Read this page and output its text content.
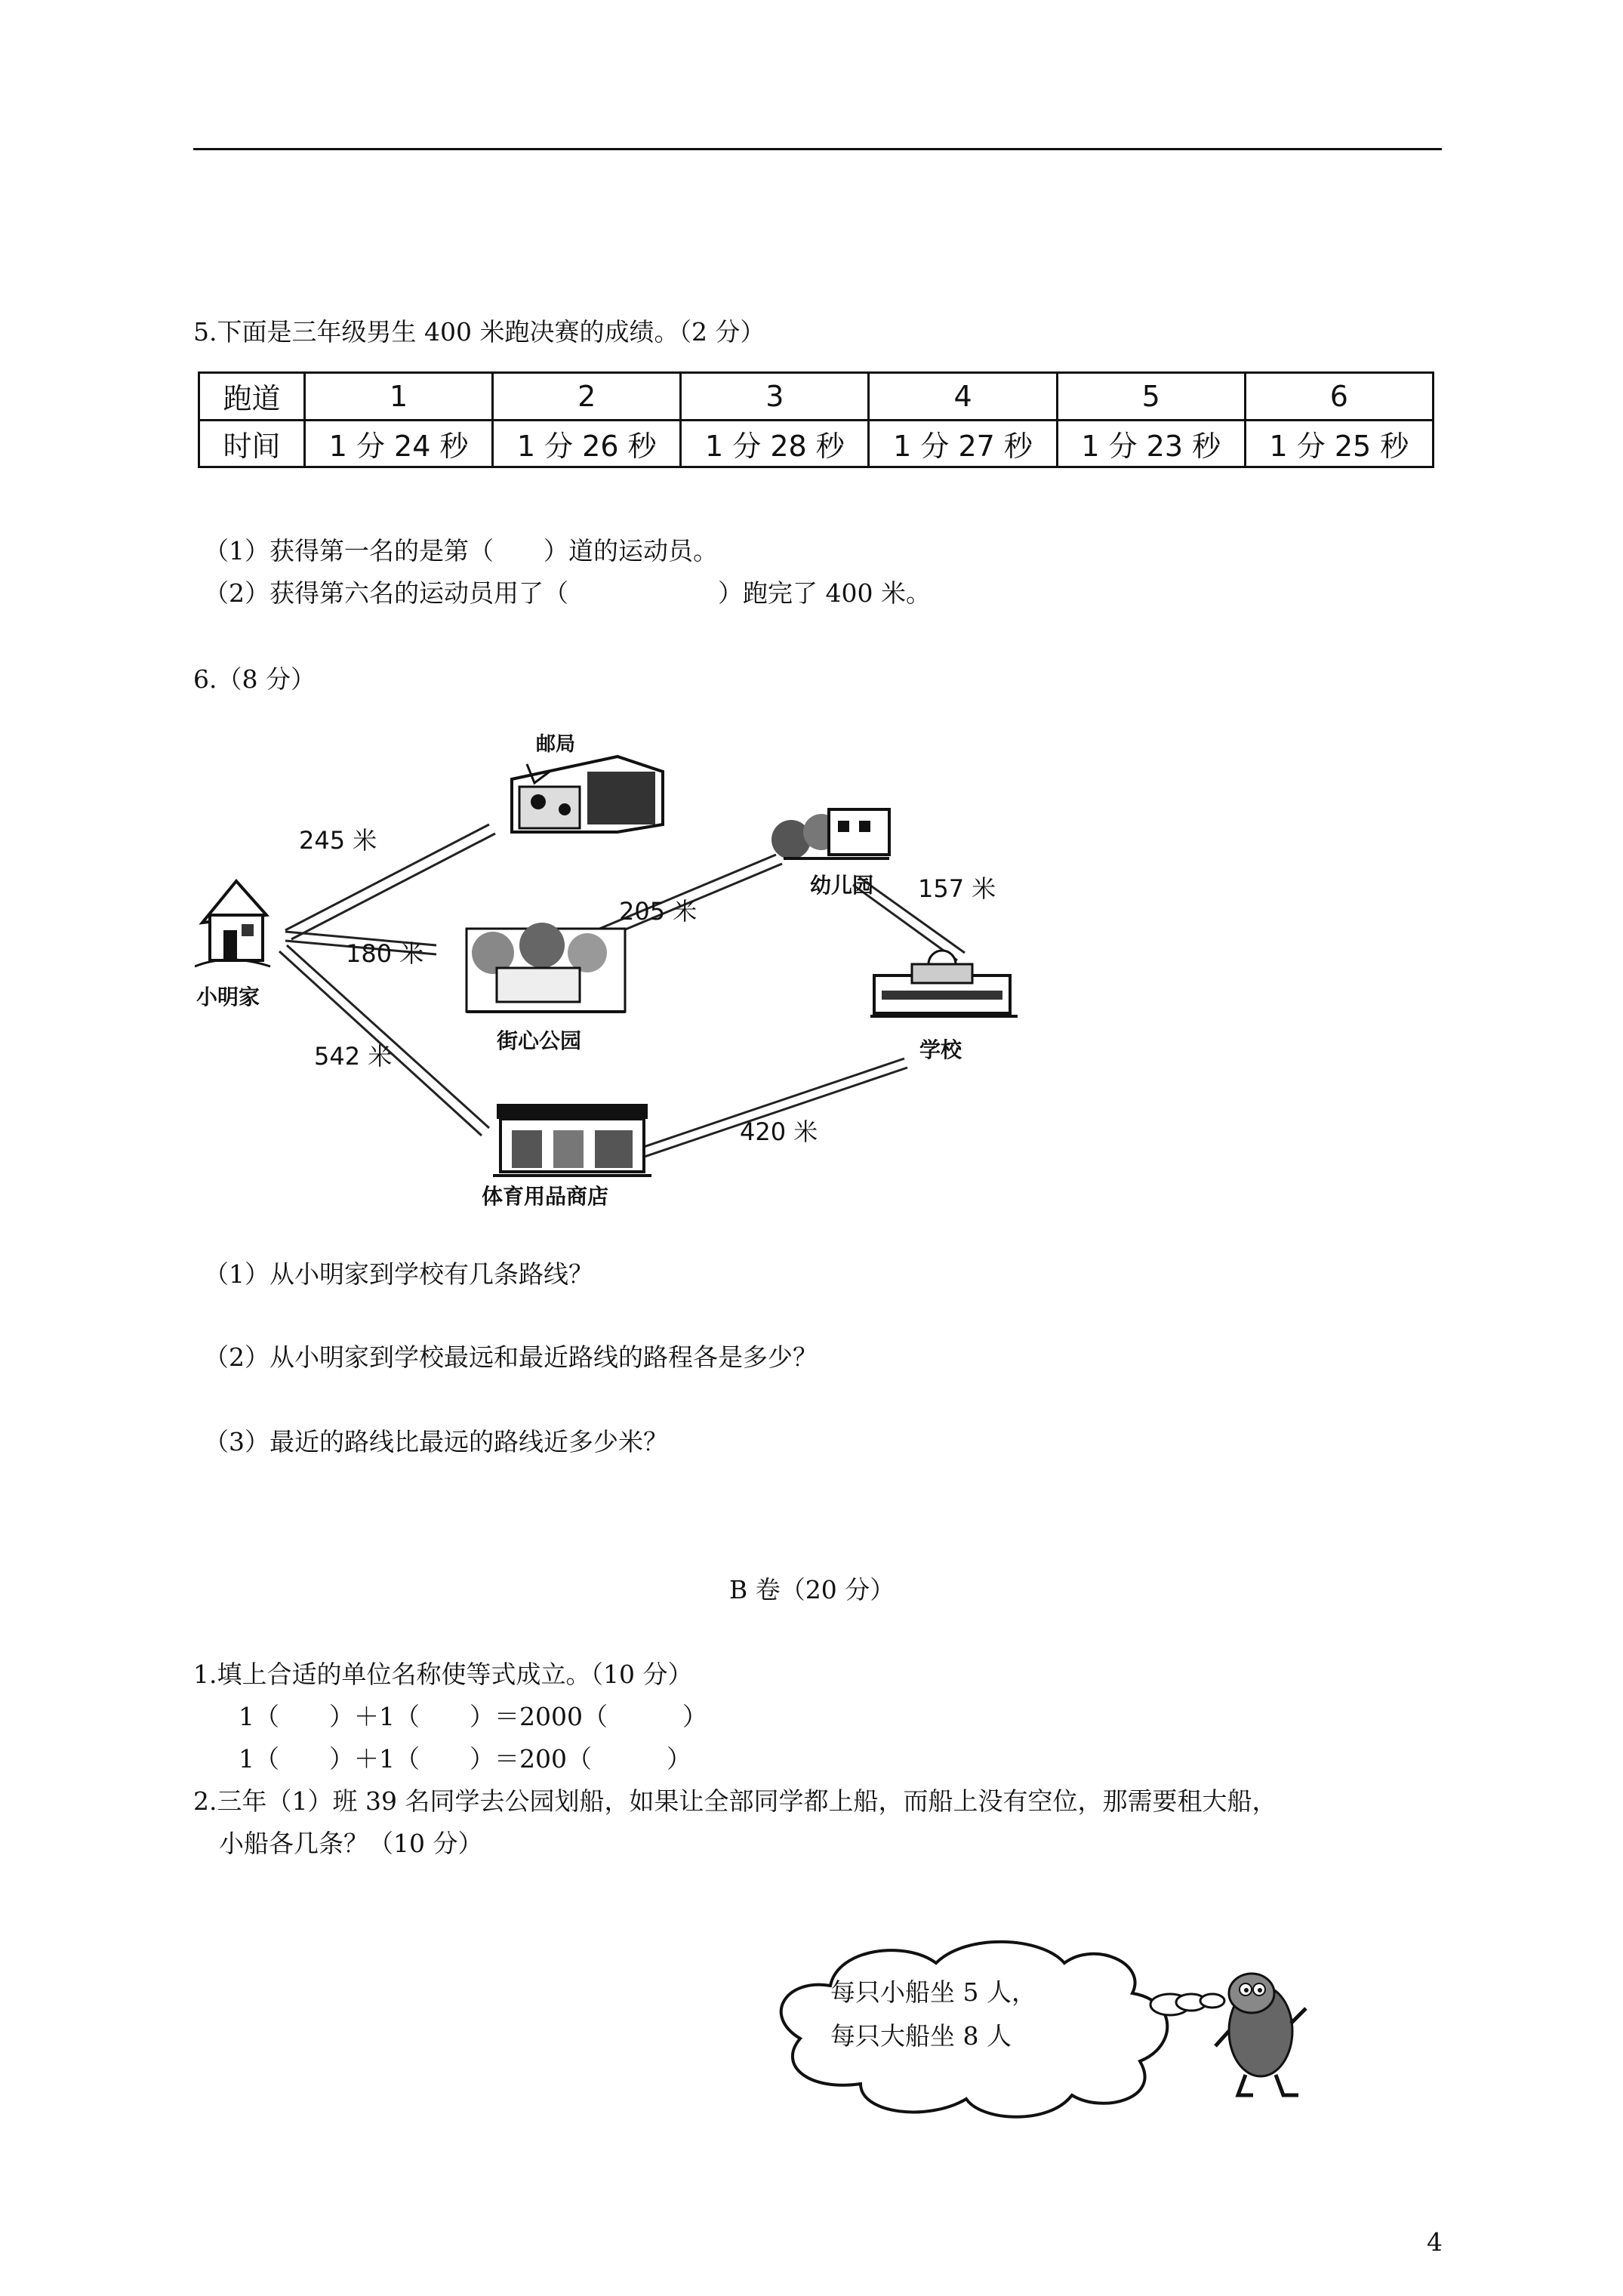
5.下面是三年级男生 400 米跑决赛的成绩。（2 分）
跑道	1	2	3	4	5	6
时间	1 分 24 秒	1 分 26 秒	1 分 28 秒	1 分 27 秒	1 分 23 秒	1 分 25 秒
（1）获得第一名的是第（　　）道的运动员。
（2）获得第六名的运动员用了（　　　　　　）跑完了 400 米。
6.（8 分）
邮局
幼儿园
小明家
街心公园	学校
体育用品商店
245 米
180 米
205 米
157 米
542 米
420 米
（1）从小明家到学校有几条路线？
（2）从小明家到学校最远和最近路线的路程各是多少？
（3）最近的路线比最远的路线近多少米？
B 卷（20 分）
1.填上合适的单位名称使等式成立。（10 分）
1（　　）＋1（　　）＝2000（　　　）
1（　　）＋1（　　）＝200（　　　）
2.三年（1）班 39 名同学去公园划船，如果让全部同学都上船，而船上没有空位，那需要租大船，
小船各几条？（10 分）
每只小船坐 5 人，
每只大船坐 8 人
4
